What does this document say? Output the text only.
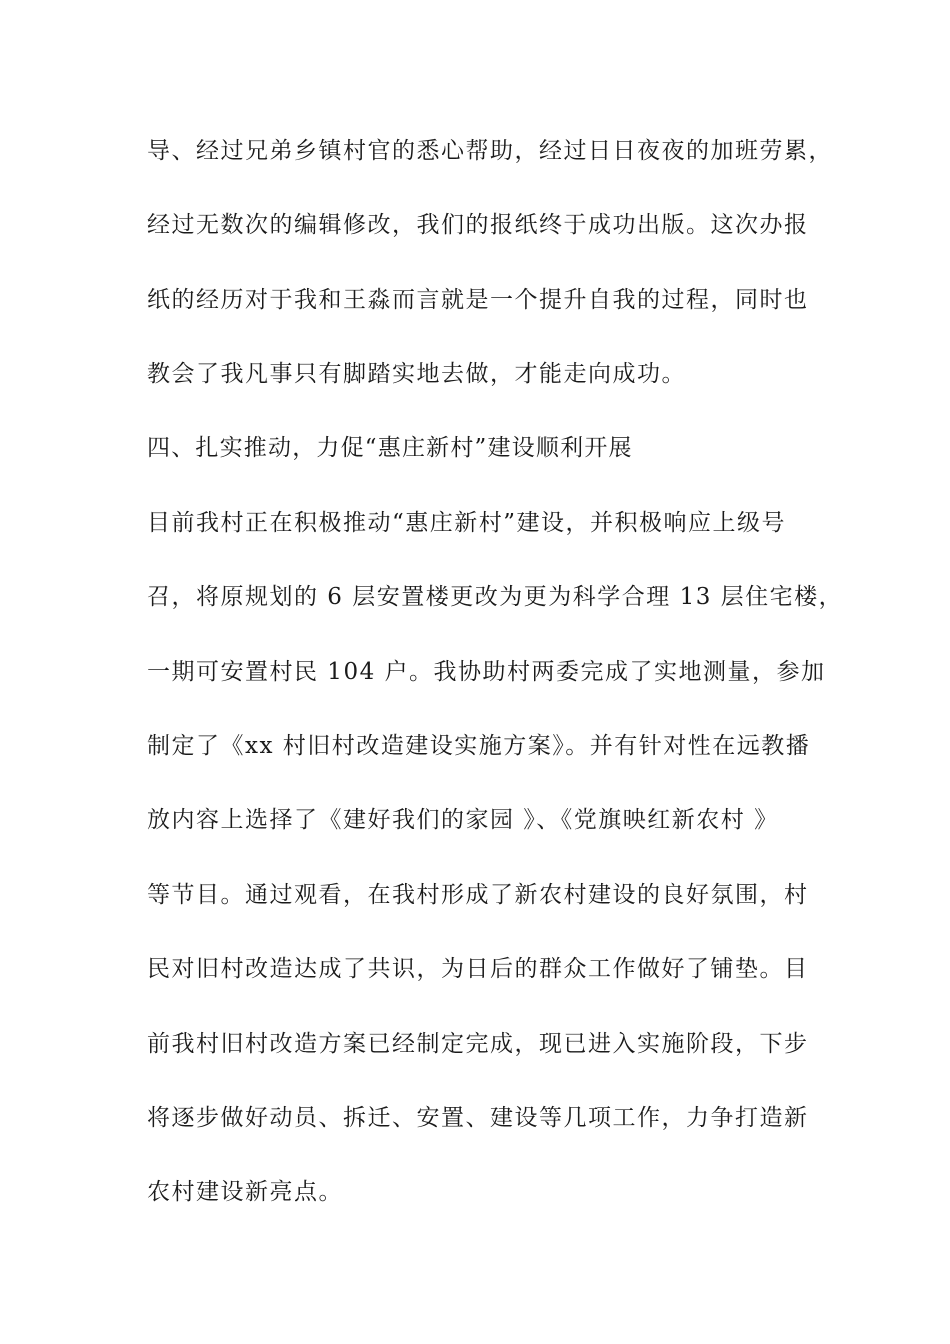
导、经过兄弟乡镇村官的悉心帮助，经过日日夜夜的加班劳累，
经过无数次的编辑修改，我们的报纸终于成功出版。这次办报
纸的经历对于我和王淼而言就是一个提升自我的过程，同时也
教会了我凡事只有脚踏实地去做，才能走向成功。
四、扎实推动，力促“惠庄新村”建设顺利开展
目前我村正在积极推动“惠庄新村”建设，并积极响应上级号
召，将原规划的 6 层安置楼更改为更为科学合理 13 层住宅楼，
一期可安置村民 104 户。我协助村两委完成了实地测量，参加
制定了《xx 村旧村改造建设实施方案》。并有针对性在远教播
放内容上选择了《建好我们的家园 》、《党旗映红新农村 》
等节目。通过观看，在我村形成了新农村建设的良好氛围，村
民对旧村改造达成了共识，为日后的群众工作做好了铺垫。目
前我村旧村改造方案已经制定完成，现已进入实施阶段，下步
将逐步做好动员、拆迁、安置、建设等几项工作，力争打造新
农村建设新亮点。
